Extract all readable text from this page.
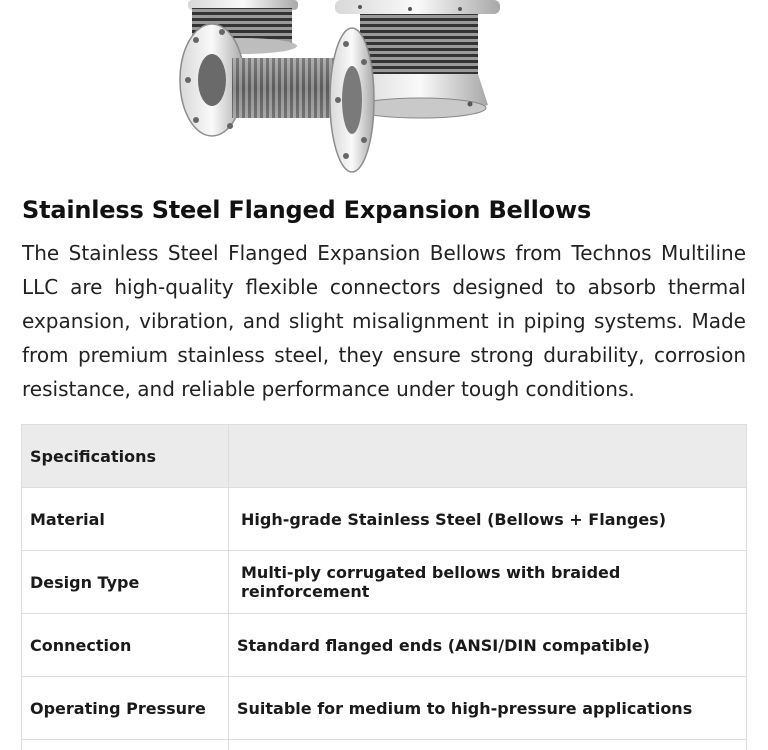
Stainless Steel Flanged Expansion Bellows

The Stainless Steel Flanged Expansion Bellows from Technos Multiline LLC are high-quality flexible connectors designed to absorb thermal expansion, vibration, and slight misalignment in piping systems. Made from premium stainless steel, they ensure strong durability, corrosion resistance, and reliable performance under tough conditions.

Specifications	
Material	High-grade Stainless Steel (Bellows + Flanges)
Design Type	Multi-ply corrugated bellows with braided reinforcement
Connection	Standard flanged ends (ANSI/DIN compatible)
Operating Pressure	Suitable for medium to high-pressure applications
